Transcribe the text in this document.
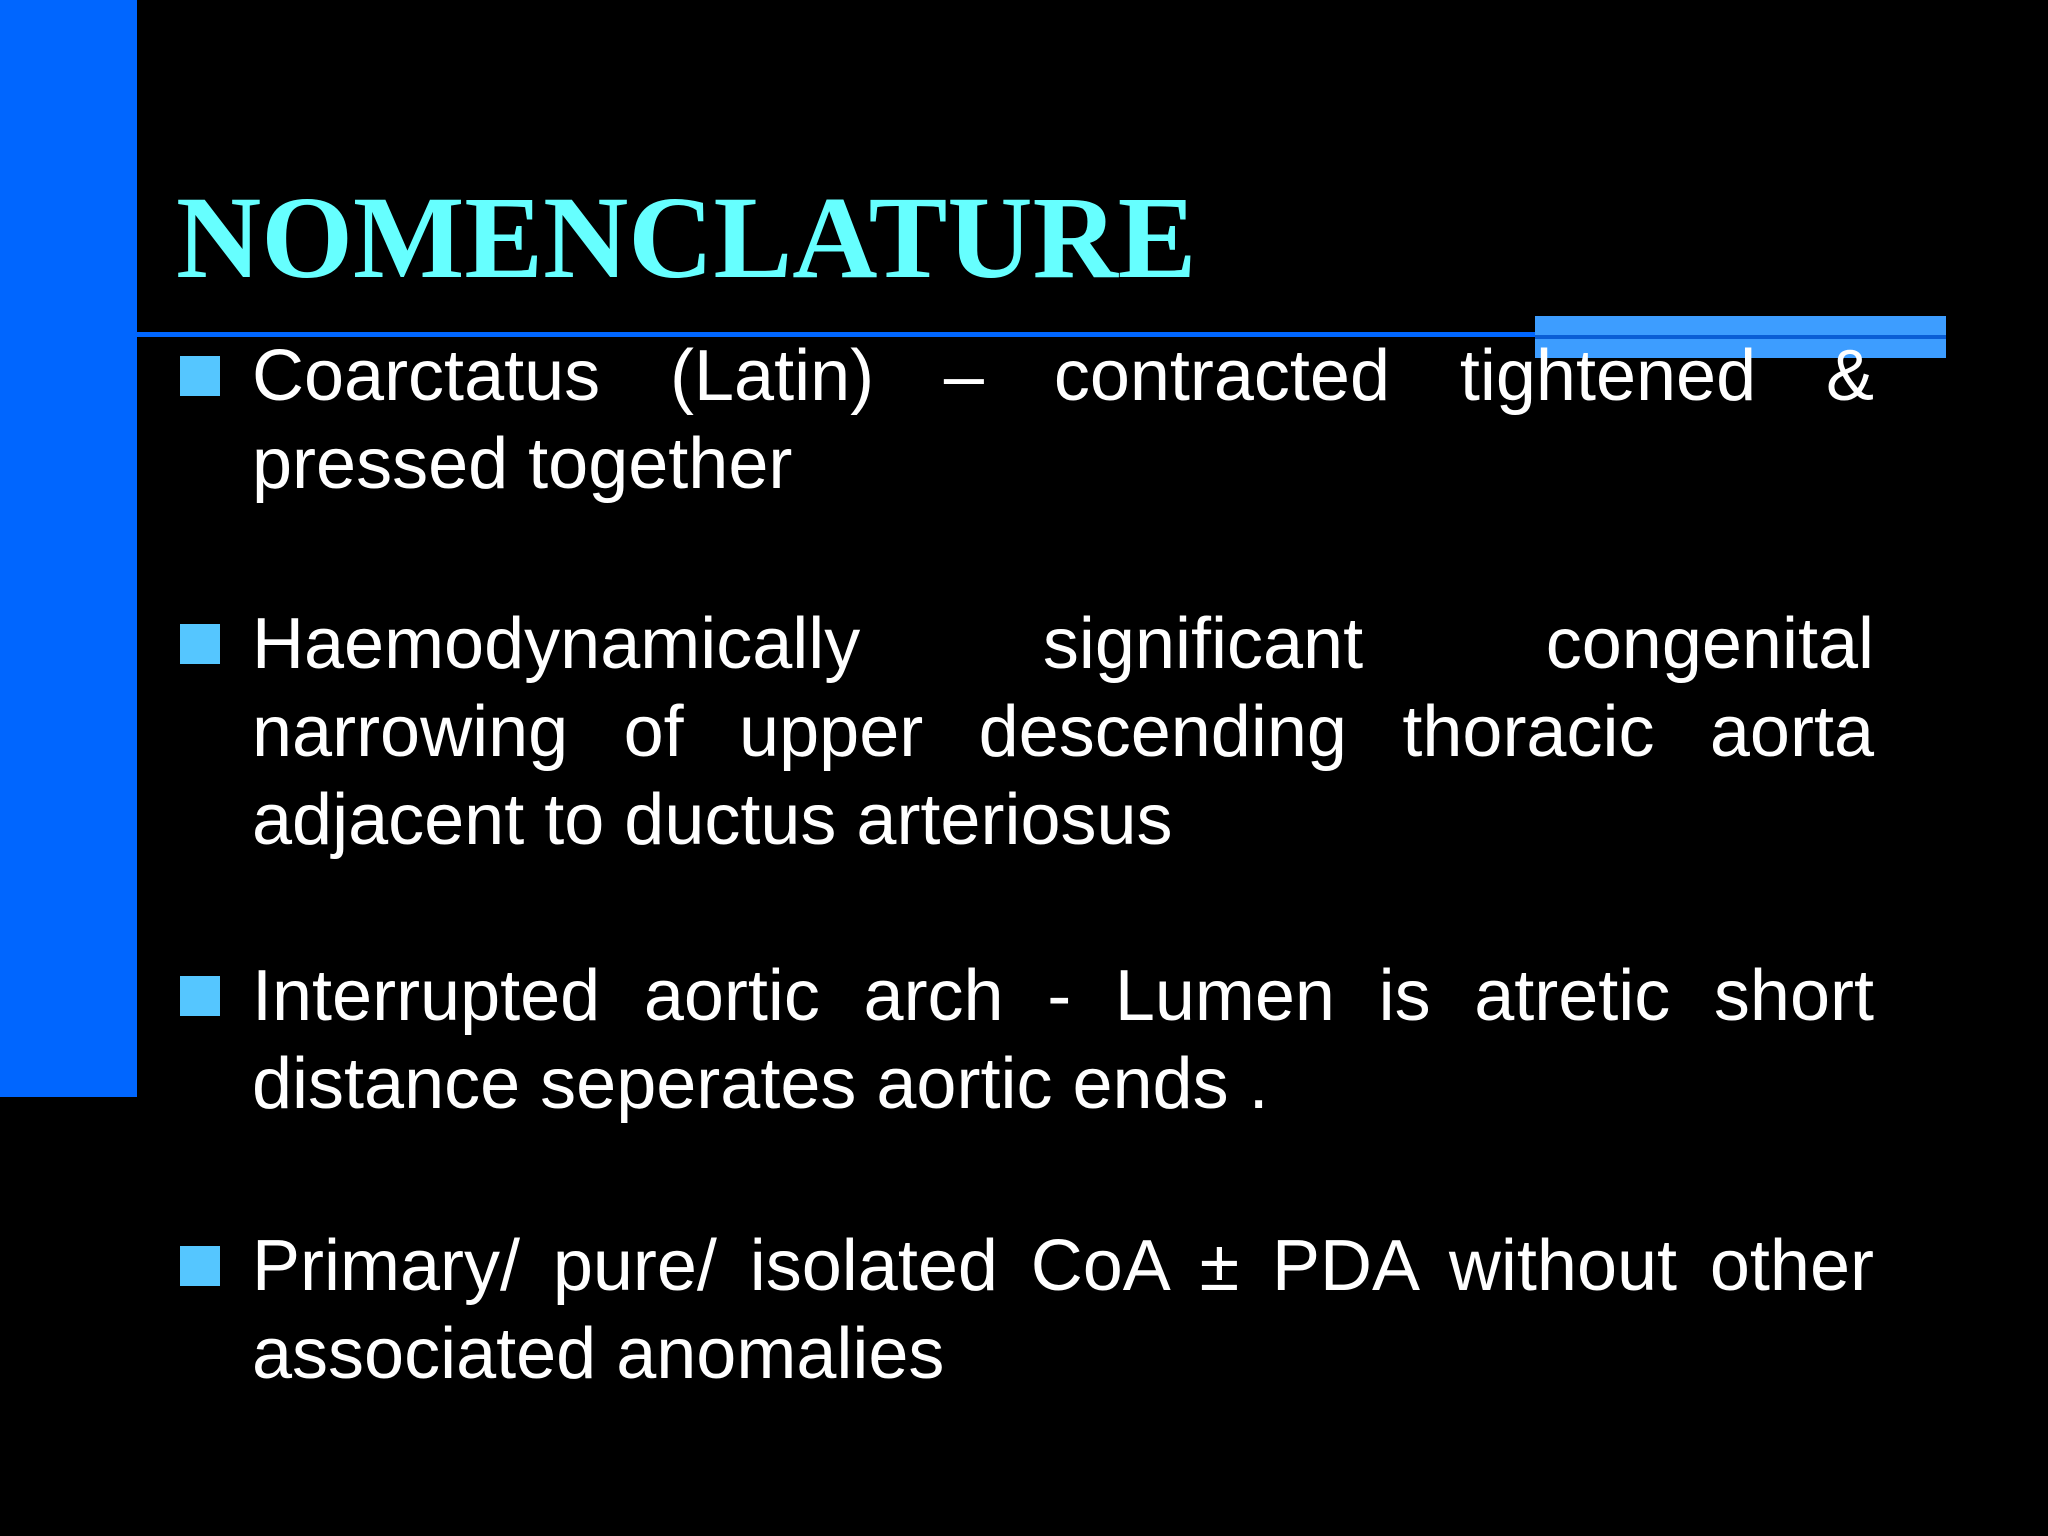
NOMENCLATURE
Coarctatus (Latin) – contracted tightened & pressed together
Haemodynamically significant congenital narrowing of upper descending thoracic aorta adjacent to ductus arteriosus
Interrupted aortic arch - Lumen is atretic short distance seperates aortic ends .
Primary/ pure/ isolated CoA ± PDA without other associated anomalies
